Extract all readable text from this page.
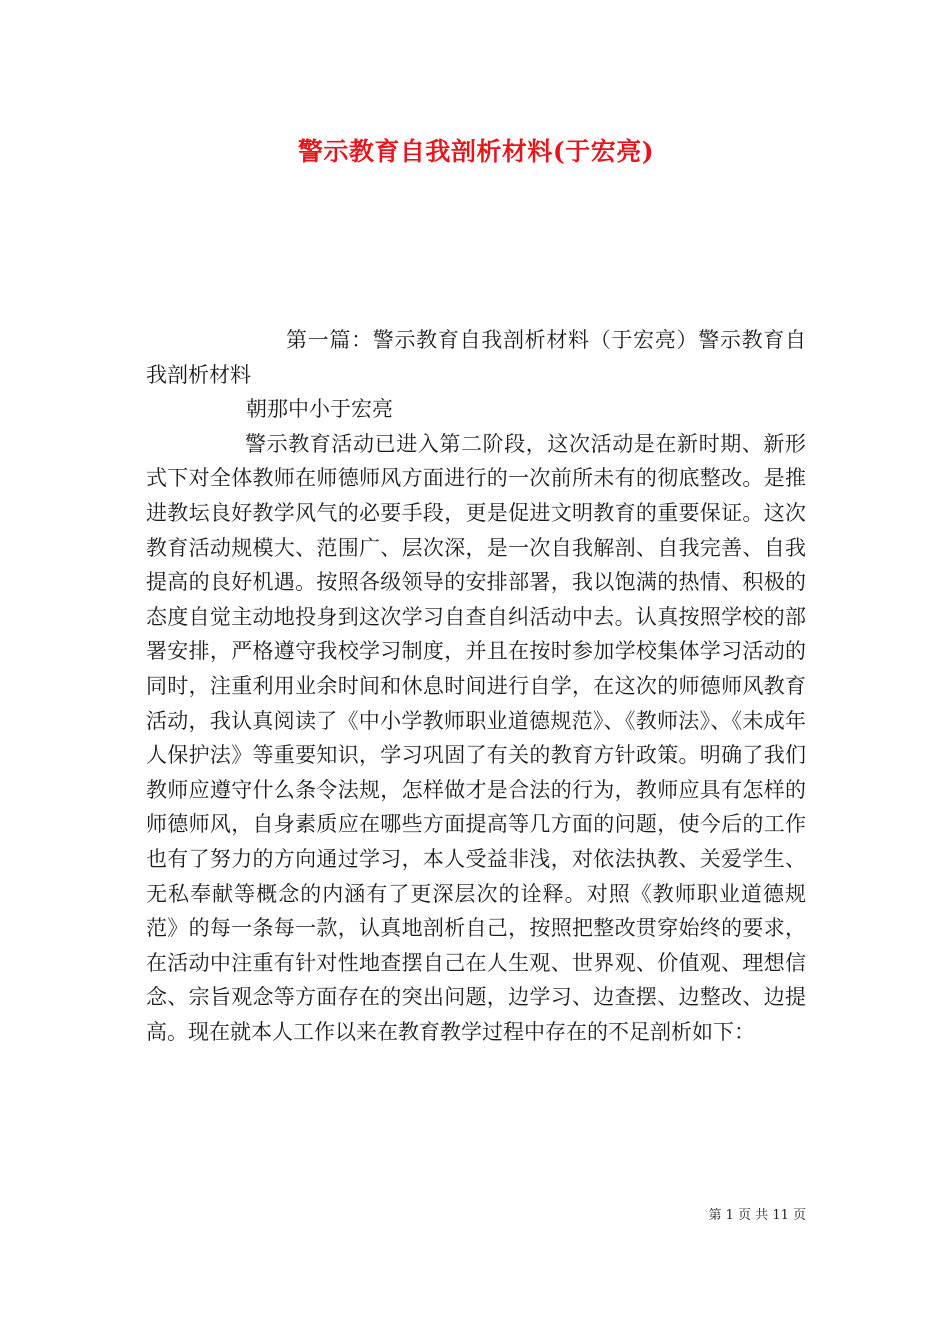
警示教育自我剖析材料(于宏亮)

第一篇：警示教育自我剖析材料（于宏亮）警示教育自我剖析材料

朝那中小于宏亮

警示教育活动已进入第二阶段，这次活动是在新时期、新形式下对全体教师在师德师风方面进行的一次前所未有的彻底整改。是推进教坛良好教学风气的必要手段，更是促进文明教育的重要保证。这次教育活动规模大、范围广、层次深，是一次自我解剖、自我完善、自我提高的良好机遇。按照各级领导的安排部署，我以饱满的热情、积极的态度自觉主动地投身到这次学习自查自纠活动中去。认真按照学校的部署安排，严格遵守我校学习制度，并且在按时参加学校集体学习活动的同时，注重利用业余时间和休息时间进行自学，在这次的师德师风教育活动，我认真阅读了《中小学教师职业道德规范》、《教师法》、《未成年人保护法》等重要知识，学习巩固了有关的教育方针政策。明确了我们教师应遵守什么条令法规，怎样做才是合法的行为，教师应具有怎样的师德师风，自身素质应在哪些方面提高等几方面的问题，使今后的工作也有了努力的方向通过学习，本人受益非浅，对依法执教、关爱学生、无私奉献等概念的内涵有了更深层次的诠释。对照《教师职业道德规范》的每一条每一款，认真地剖析自己，按照把整改贯穿始终的要求，在活动中注重有针对性地查摆自己在人生观、世界观、价值观、理想信念、宗旨观念等方面存在的突出问题，边学习、边查摆、边整改、边提高。现在就本人工作以来在教育教学过程中存在的不足剖析如下：

第 1 页 共 11 页
